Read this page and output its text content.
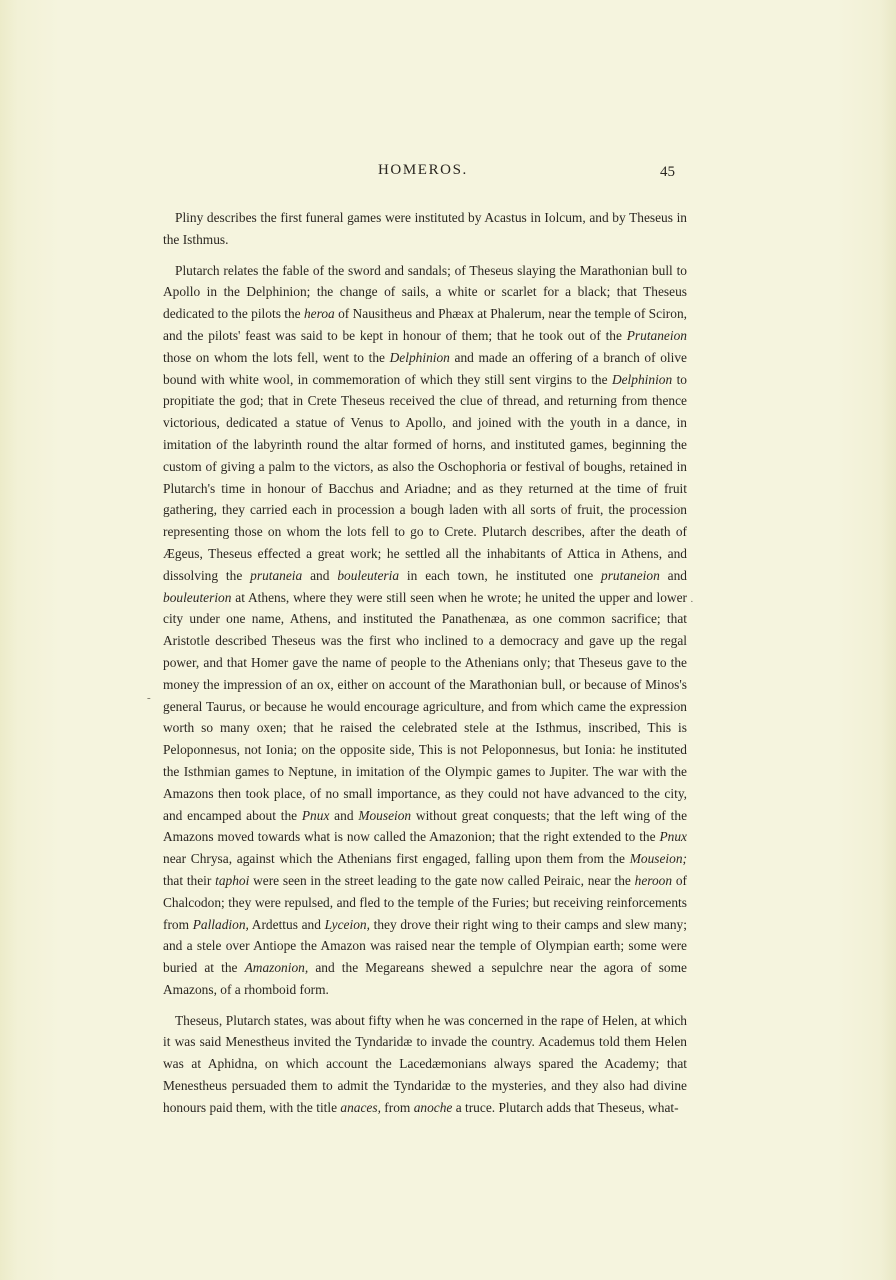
HOMEROS.	45

Pliny describes the first funeral games were instituted by Acastus in Iolcum, and by Theseus in the Isthmus.

Plutarch relates the fable of the sword and sandals; of Theseus slaying the Marathonian bull to Apollo in the Delphinion; the change of sails, a white or scarlet for a black; that Theseus dedicated to the pilots the heroa of Nausitheus and Phæax at Phalerum, near the temple of Sciron, and the pilots' feast was said to be kept in honour of them; that he took out of the Prutaneion those on whom the lots fell, went to the Delphinion and made an offering of a branch of olive bound with white wool, in commemoration of which they still sent virgins to the Delphinion to propitiate the god; that in Crete Theseus received the clue of thread, and returning from thence victorious, dedicated a statue of Venus to Apollo, and joined with the youth in a dance, in imitation of the labyrinth round the altar formed of horns, and instituted games, beginning the custom of giving a palm to the victors, as also the Oschophoria or festival of boughs, retained in Plutarch's time in honour of Bacchus and Ariadne; and as they returned at the time of fruit gathering, they carried each in procession a bough laden with all sorts of fruit, the procession representing those on whom the lots fell to go to Crete. Plutarch describes, after the death of Ægeus, Theseus effected a great work; he settled all the inhabitants of Attica in Athens, and dissolving the prutaneia and bouleuteria in each town, he instituted one prutaneion and bouleuterion at Athens, where they were still seen when he wrote; he united the upper and lower city under one name, Athens, and instituted the Panathenæa, as one common sacrifice; that Aristotle described Theseus was the first who inclined to a democracy and gave up the regal power, and that Homer gave the name of people to the Athenians only; that Theseus gave to the money the impression of an ox, either on account of the Marathonian bull, or because of Minos's general Taurus, or because he would encourage agriculture, and from which came the expression worth so many oxen; that he raised the celebrated stele at the Isthmus, inscribed, This is Peloponnesus, not Ionia; on the opposite side, This is not Peloponnesus, but Ionia: he instituted the Isthmian games to Neptune, in imitation of the Olympic games to Jupiter. The war with the Amazons then took place, of no small importance, as they could not have advanced to the city, and encamped about the Pnux and Mouseion without great conquests; that the left wing of the Amazons moved towards what is now called the Amazonion; that the right extended to the Pnux near Chrysa, against which the Athenians first engaged, falling upon them from the Mouseion; that their taphoi were seen in the street leading to the gate now called Peiraic, near the heroon of Chalcodon; they were repulsed, and fled to the temple of the Furies; but receiving reinforcements from Palladion, Ardettus and Lyceion, they drove their right wing to their camps and slew many; and a stele over Antiope the Amazon was raised near the temple of Olympian earth; some were buried at the Amazonion, and the Megareans shewed a sepulchre near the agora of some Amazons, of a rhomboid form.

Theseus, Plutarch states, was about fifty when he was concerned in the rape of Helen, at which it was said Menestheus invited the Tyndaridæ to invade the country. Academus told them Helen was at Aphidna, on which account the Lacedæmonians always spared the Academy; that Menestheus persuaded them to admit the Tyndaridæ to the mysteries, and they also had divine honours paid them, with the title anaces, from anoche a truce. Plutarch adds that Theseus, what-

-
·
